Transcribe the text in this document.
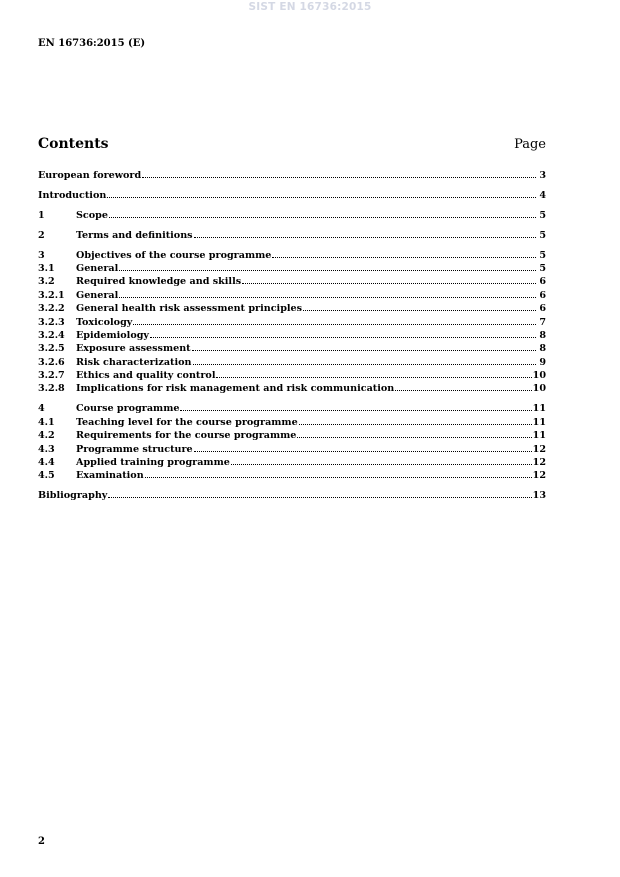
SIST EN 16736:2015
EN 16736:2015 (E)
Contents	Page
European foreword	3
Introduction	4
1	Scope	5
2	Terms and definitions	5
3	Objectives of the course programme	5
3.1	General	5
3.2	Required knowledge and skills	6
3.2.1	General	6
3.2.2	General health risk assessment principles	6
3.2.3	Toxicology	7
3.2.4	Epidemiology	8
3.2.5	Exposure assessment	8
3.2.6	Risk characterization	9
3.2.7	Ethics and quality control	10
3.2.8	Implications for risk management and risk communication	10
4	Course programme	11
4.1	Teaching level for the course programme	11
4.2	Requirements for the course programme	11
4.3	Programme structure	12
4.4	Applied training programme	12
4.5	Examination	12
Bibliography	13
2
